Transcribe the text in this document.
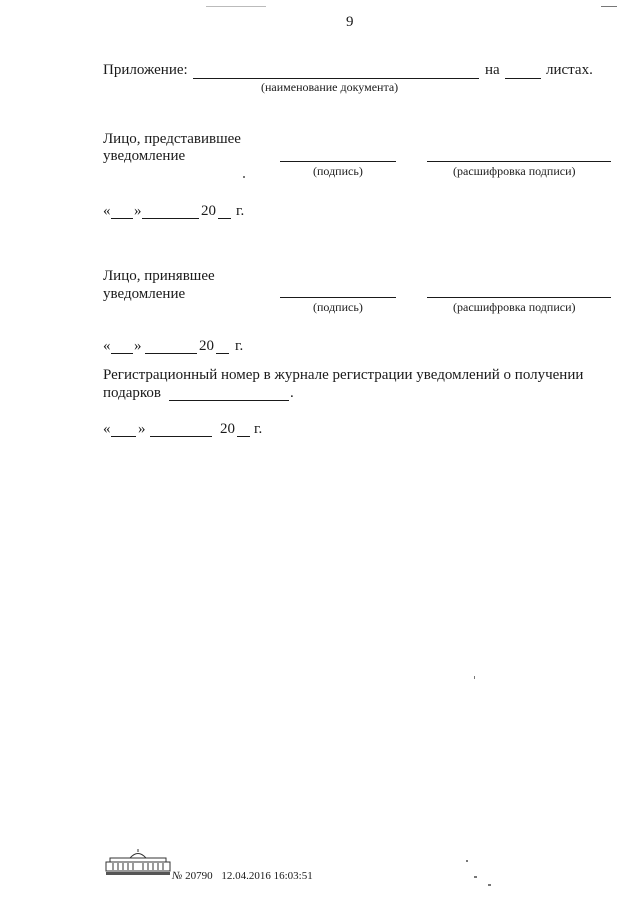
9
Приложение:	на	листах.
(наименование документа)
Лицо, представившее
уведомление
(подпись)	(расшифровка подписи)
« »	20 г.
Лицо, принявшее
уведомление
(подпись)	(расшифровка подписи)
« »	20 г.
Регистрационный номер в журнале регистрации уведомлений о получении
подарков	.
« »	20 г.
№ 20790 12.04.2016 16:03:51
